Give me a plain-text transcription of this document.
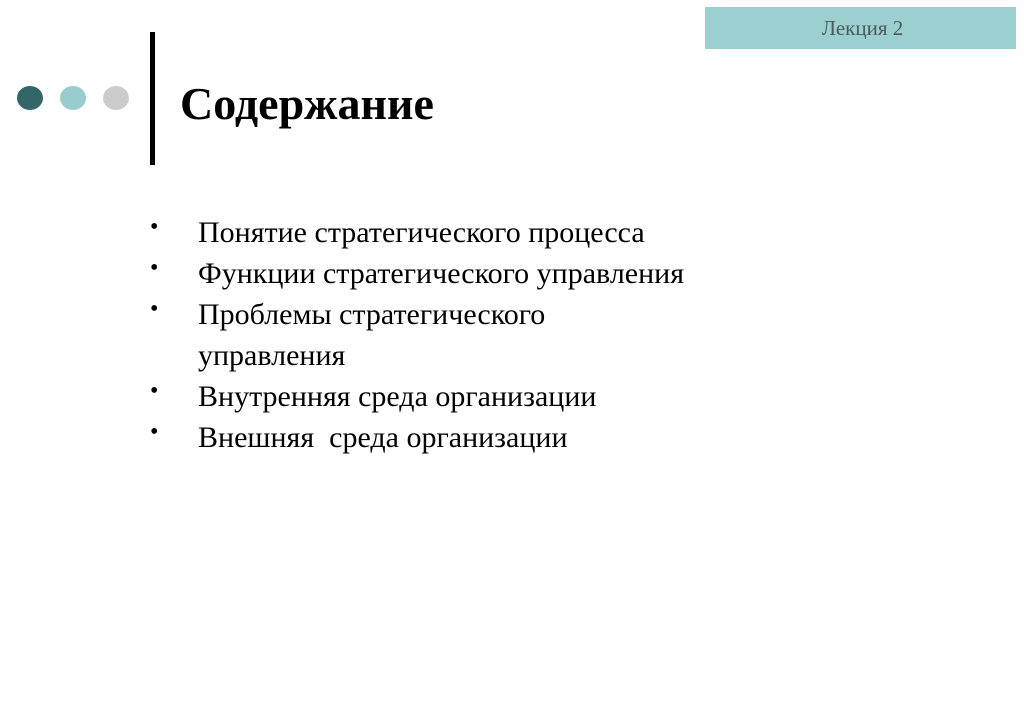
Лекция 2
Содержание
• Понятие стратегического процесса
• Функции стратегического управления
• Проблемы стратегического
управления
• Внутренняя среда организации
• Внешняя  среда организации
